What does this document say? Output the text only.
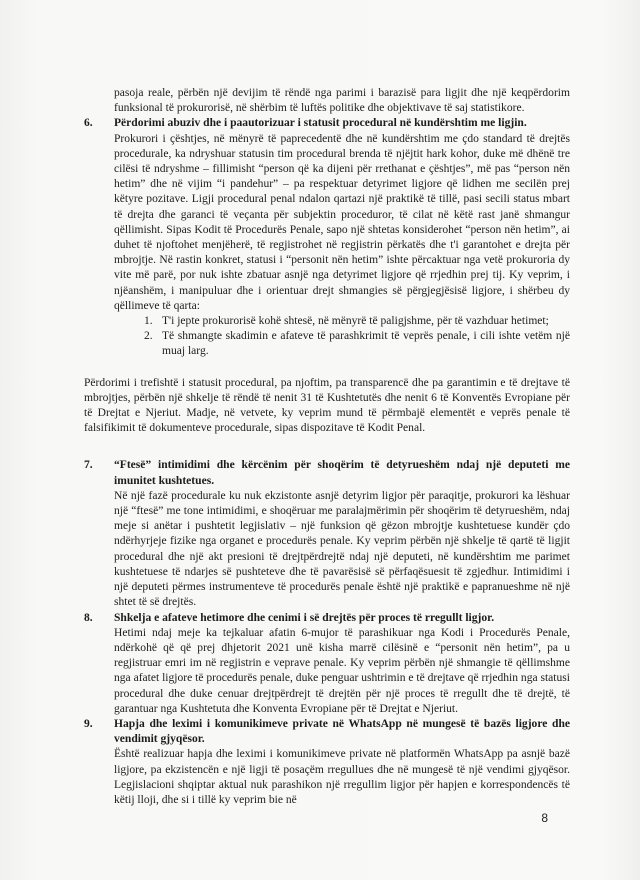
pasoja reale, përbën një devijim të rëndë nga parimi i barazisë para ligjit dhe një keqpërdorim funksional të prokurorisë, në shërbim të luftës politike dhe objektivave të saj statistikore.

6.	Përdorimi abuziv dhe i paautorizuar i statusit procedural në kundërshtim me ligjin.

Prokurori i çështjes, në mënyrë të paprecedentë dhe në kundërshtim me çdo standard të drejtës procedurale, ka ndryshuar statusin tim procedural brenda të njëjtit hark kohor, duke më dhënë tre cilësi të ndryshme – fillimisht “person që ka dijeni për rrethanat e çështjes”, më pas “person nën hetim” dhe në vijim “i pandehur” – pa respektuar detyrimet ligjore që lidhen me secilën prej këtyre pozitave. Ligji procedural penal ndalon qartazi një praktikë të tillë, pasi secili status mbart të drejta dhe garanci të veçanta për subjektin proceduror, të cilat në këtë rast janë shmangur qëllimisht. Sipas Kodit të Procedurës Penale, sapo një shtetas konsiderohet “person nën hetim”, ai duhet të njoftohet menjëherë, të regjistrohet në regjistrin përkatës dhe t'i garantohet e drejta për mbrojtje. Në rastin konkret, statusi i “personit nën hetim” ishte përcaktuar nga vetë prokuroria dy vite më parë, por nuk ishte zbatuar asnjë nga detyrimet ligjore që rrjedhin prej tij. Ky veprim, i njëanshëm, i manipuluar dhe i orientuar drejt shmangies së përgjegjësisë ligjore, i shërbeu dy qëllimeve të qarta:

1. T'i jepte prokurorisë kohë shtesë, në mënyrë të paligjshme, për të vazhduar hetimet;
2. Të shmangte skadimin e afateve të parashkrimit të veprës penale, i cili ishte vetëm një muaj larg.

Përdorimi i trefishtë i statusit procedural, pa njoftim, pa transparencë dhe pa garantimin e të drejtave të mbrojtjes, përbën një shkelje të rëndë të nenit 31 të Kushtetutës dhe nenit 6 të Konventës Evropiane për të Drejtat e Njeriut. Madje, në vetvete, ky veprim mund të përmbajë elementët e veprës penale të falsifikimit të dokumenteve procedurale, sipas dispozitave të Kodit Penal.

7.	“Ftesë” intimidimi dhe kërcënim për shoqërim të detyrueshëm ndaj një deputeti me imunitet kushtetues.

Në një fazë procedurale ku nuk ekzistonte asnjë detyrim ligjor për paraqitje, prokurori ka lëshuar një “ftesë” me tone intimidimi, e shoqëruar me paralajmërimin për shoqërim të detyrueshëm, ndaj meje si anëtar i pushtetit legjislativ – një funksion që gëzon mbrojtje kushtetuese kundër çdo ndërhyrjeje fizike nga organet e procedurës penale. Ky veprim përbën një shkelje të qartë të ligjit procedural dhe një akt presioni të drejtpërdrejtë ndaj një deputeti, në kundërshtim me parimet kushtetuese të ndarjes së pushteteve dhe të pavarësisë së përfaqësuesit të zgjedhur. Intimidimi i një deputeti përmes instrumenteve të procedurës penale është një praktikë e papranueshme në një shtet të së drejtës.

8.	Shkelja e afateve hetimore dhe cenimi i së drejtës për proces të rregullt ligjor.

Hetimi ndaj meje ka tejkaluar afatin 6-mujor të parashikuar nga Kodi i Procedurës Penale, ndërkohë që që prej dhjetorit 2021 unë kisha marrë cilësinë e “personit nën hetim”, pa u regjistruar emri im në regjistrin e veprave penale. Ky veprim përbën një shmangie të qëllimshme nga afatet ligjore të procedurës penale, duke penguar ushtrimin e të drejtave që rrjedhin nga statusi procedural dhe duke cenuar drejtpërdrejt të drejtën për një proces të rregullt dhe të drejtë, të garantuar nga Kushtetuta dhe Konventa Evropiane për të Drejtat e Njeriut.

9.	Hapja dhe leximi i komunikimeve private në WhatsApp në mungesë të bazës ligjore dhe vendimit gjyqësor.

Është realizuar hapja dhe leximi i komunikimeve private në platformën WhatsApp pa asnjë bazë ligjore, pa ekzistencën e një ligji të posaçëm rregullues dhe në mungesë të një vendimi gjyqësor. Legjislacioni shqiptar aktual nuk parashikon një rregullim ligjor për hapjen e korrespondencës të këtij lloji, dhe si i tillë ky veprim bie në

8
